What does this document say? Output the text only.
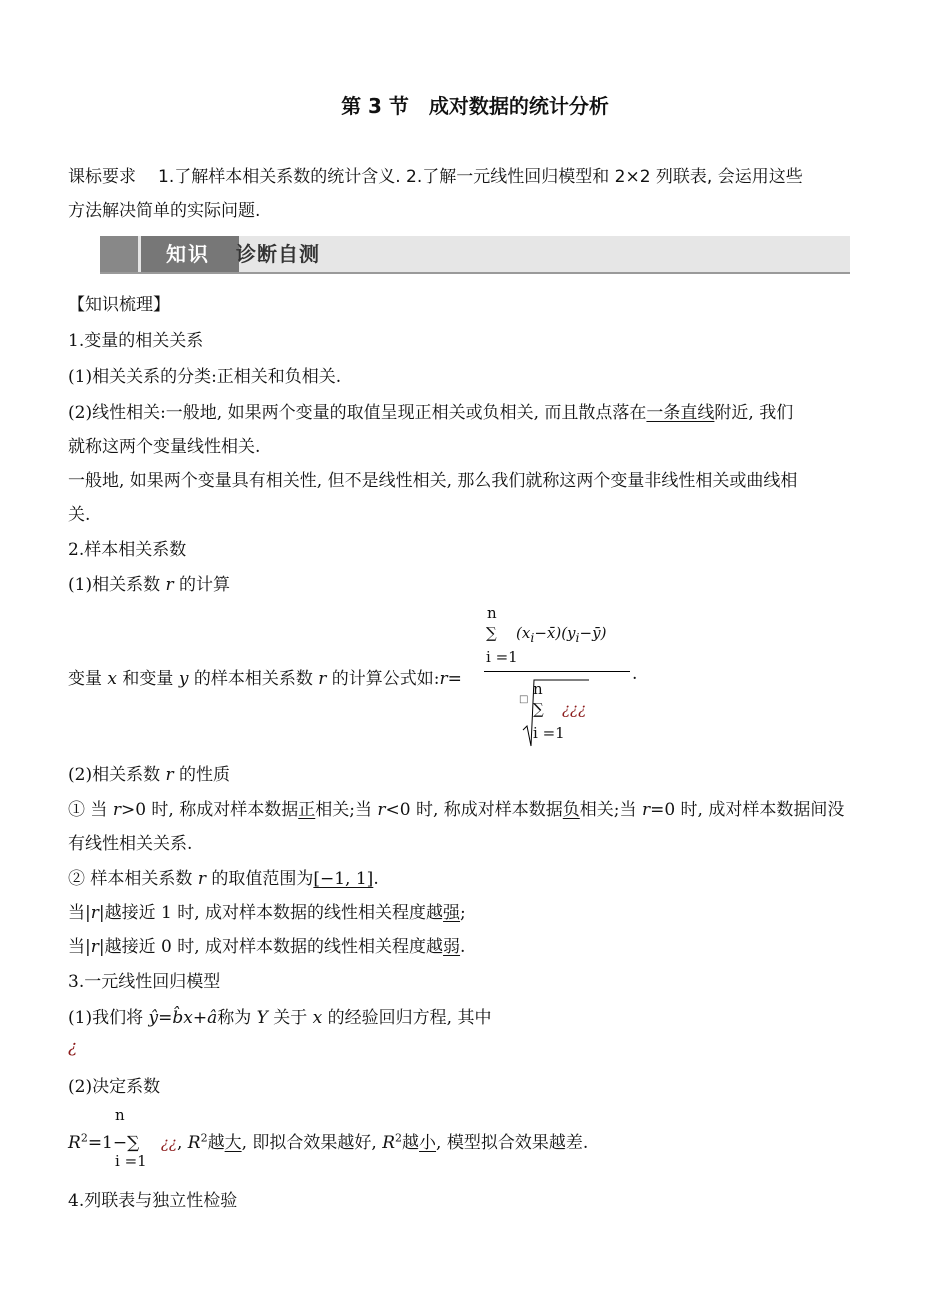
第 3 节　成对数据的统计分析
课标要求 1.了解样本相关系数的统计含义. 2.了解一元线性回归模型和 2×2 列联表, 会运用这些
方法解决简单的实际问题.
知识	诊断自测
【知识梳理】
1.变量的相关关系
(1)相关关系的分类:正相关和负相关.
(2)线性相关:一般地, 如果两个变量的取值呈现正相关或负相关, 而且散点落在一条直线附近, 我们
就称这两个变量线性相关.
一般地, 如果两个变量具有相关性, 但不是线性相关, 那么我们就称这两个变量非线性相关或曲线相
关.
2.样本相关系数
(1)相关系数 r 的计算
n
∑ $(x_i-x̄)(y_i-ȳ)$
i =1
变量 x 和变量 y 的样本相关系数 r 的计算公式如:r=	.
n
□
∑ ¿¿¿
i =1
(2)相关系数 r 的性质
① 当 r>0 时, 称成对样本数据正相关;当 r<0 时, 称成对样本数据负相关;当 r=0 时, 成对样本数据间没
有线性相关关系.
② 样本相关系数 r 的取值范围为[−1, 1].
当|r|越接近 1 时, 成对样本数据的线性相关程度越强;
当|r|越接近 0 时, 成对样本数据的线性相关程度越弱.
3.一元线性回归模型
(1)我们将 ŷ=b̂x+â称为 Y 关于 x 的经验回归方程, 其中
¿
(2)决定系数
n
$R^2=1-\sum$ ¿¿, $R^2$越大, 即拟合效果越好, $R^2$越小, 模型拟合效果越差.
i =1
4.列联表与独立性检验
